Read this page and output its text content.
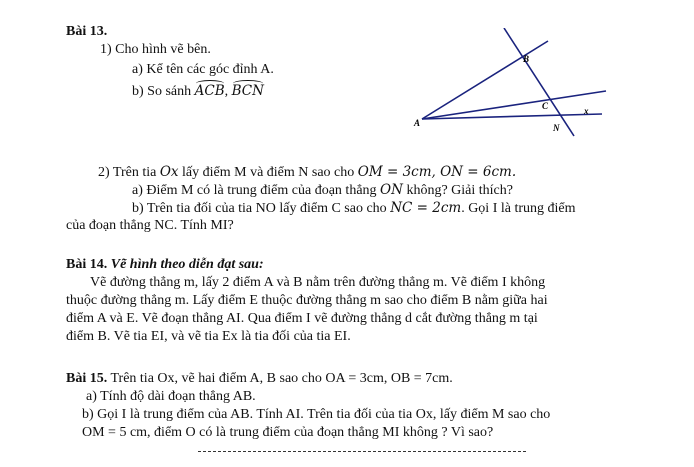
Bài 13.
1) Cho hình vẽ bên.
a) Kể tên các góc đỉnh A.
b) So sánh ACB, BCN
A
B
C
N
x
2) Trên tia Ox lấy điểm M và điểm N sao cho OM = 3cm, ON = 6cm.
a) Điểm M có là trung điểm của đoạn thẳng ON không? Giải thích?
b) Trên tia đối của tia NO lấy điểm C sao cho NC = 2cm. Gọi I là trung điểm
của đoạn thẳng NC. Tính MI?
Bài 14. Vẽ hình theo diễn đạt sau:
Vẽ đường thẳng m, lấy 2 điểm A và B nằm trên đường thẳng m. Vẽ điểm I không
thuộc đường thẳng m. Lấy điểm E thuộc đường thẳng m sao cho điểm B nằm giữa hai
điểm A và E. Vẽ đoạn thẳng AI. Qua điểm I vẽ đường thẳng d cắt đường thẳng m tại
điểm B. Vẽ tia EI, và vẽ tia Ex là tia đối của tia EI.
Bài 15. Trên tia Ox, vẽ hai điểm A, B sao cho OA = 3cm, OB = 7cm.
a) Tính độ dài đoạn thẳng AB.
b) Gọi I là trung điểm của AB. Tính AI. Trên tia đối của tia Ox, lấy điểm M sao cho
OM = 5 cm, điểm O có là trung điểm của đoạn thẳng MI không ? Vì sao?
